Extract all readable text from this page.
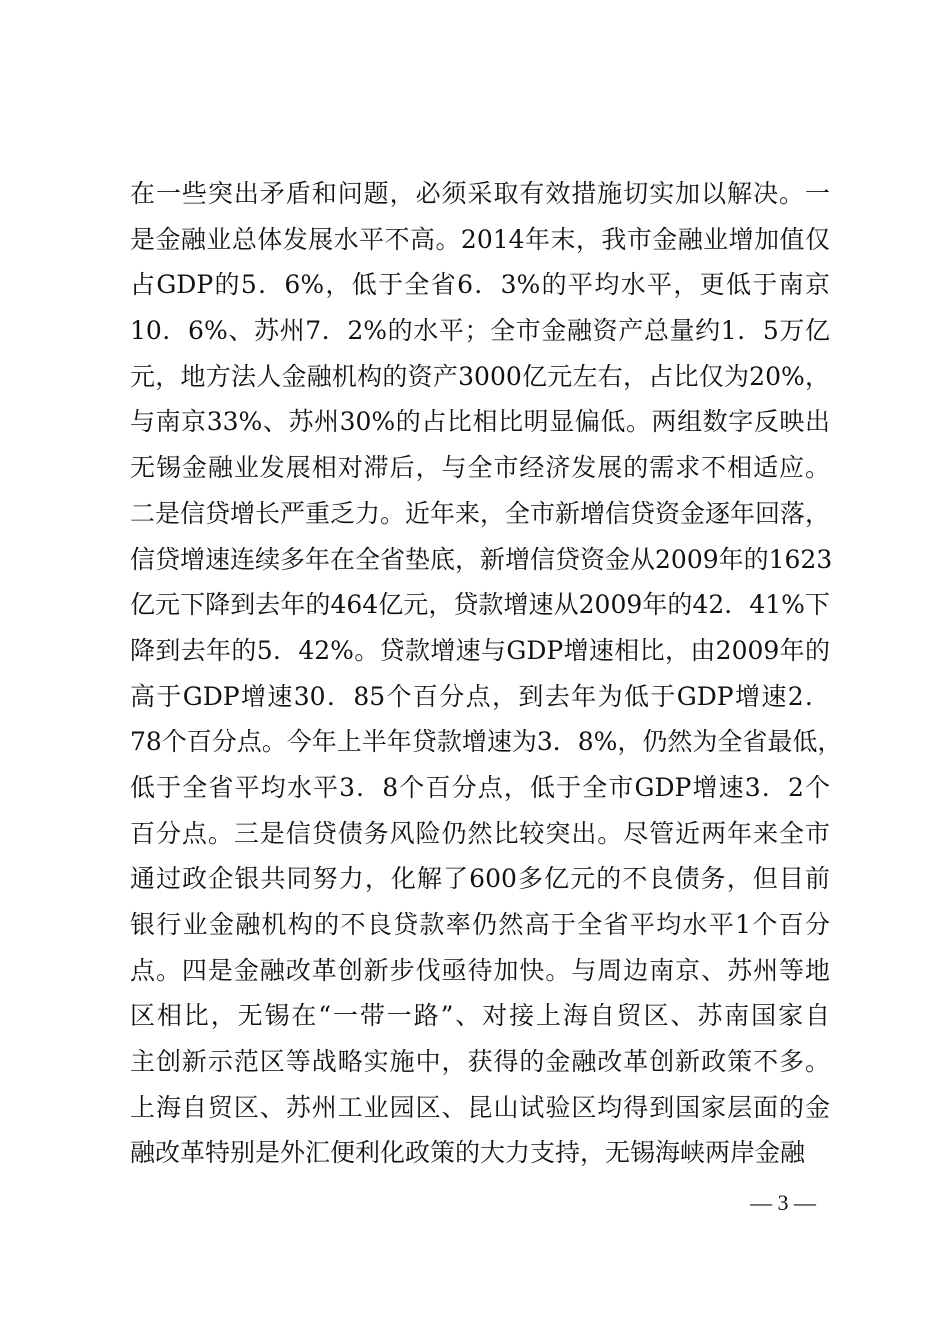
在一些突出矛盾和问题，必须采取有效措施切实加以解决。一
是金融业总体发展水平不高。2014年末，我市金融业增加值仅
占GDP的5．6%，低于全省6．3%的平均水平，更低于南京
10．6%、苏州7．2%的水平；全市金融资产总量约1．5万亿
元，地方法人金融机构的资产3000亿元左右，占比仅为20%，
与南京33%、苏州30%的占比相比明显偏低。两组数字反映出
无锡金融业发展相对滞后，与全市经济发展的需求不相适应。
二是信贷增长严重乏力。近年来，全市新增信贷资金逐年回落，
信贷增速连续多年在全省垫底，新增信贷资金从2009年的1623
亿元下降到去年的464亿元，贷款增速从2009年的42．41%下
降到去年的5．42%。贷款增速与GDP增速相比，由2009年的
高于GDP增速30．85个百分点，到去年为低于GDP增速2．
78个百分点。今年上半年贷款增速为3．8%，仍然为全省最低，
低于全省平均水平3．8个百分点，低于全市GDP增速3．2个
百分点。三是信贷债务风险仍然比较突出。尽管近两年来全市
通过政企银共同努力，化解了600多亿元的不良债务，但目前
银行业金融机构的不良贷款率仍然高于全省平均水平1个百分
点。四是金融改革创新步伐亟待加快。与周边南京、苏州等地
区相比，无锡在“一带一路”、对接上海自贸区、苏南国家自
主创新示范区等战略实施中，获得的金融改革创新政策不多。
上海自贸区、苏州工业园区、昆山试验区均得到国家层面的金
融改革特别是外汇便利化政策的大力支持，无锡海峡两岸金融
— 3 —
